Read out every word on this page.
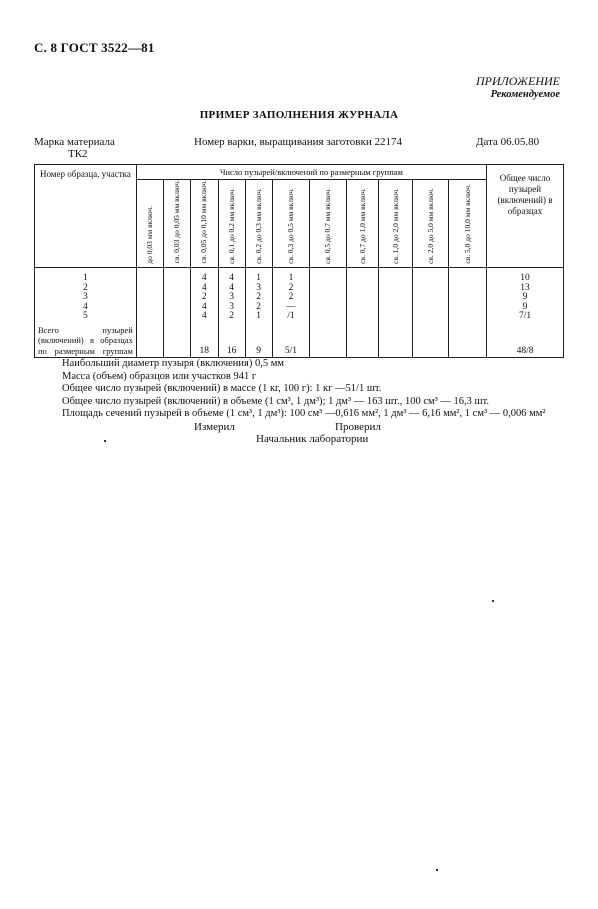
С. 8 ГОСТ 3522—81
ПРИЛОЖЕНИЕ
Рекомендуемое
ПРИМЕР ЗАПОЛНЕНИЯ ЖУРНАЛА
Марка материала
ТК2
Номер варки, выращивания заготовки 22174	Дата 06.05.80
Номер образца, участка	Число пузырей/включений по размерным группам											Общее число пузырей (включений) в образцах

	до 0,03 мм включ.	св. 0,03 до 0,05 мм включ.	св. 0,05 до 0,10 мм включ.	св. 0,1 до 0,2 мм включ.	св. 0,2 до 0,3 мм включ.	св. 0,3 до 0,5 мм включ.	св. 0,5 до 0,7 мм включ.	св. 0,7 до 1,0 мм включ.	св. 1,0 до 2,0 мм включ.	св. 2,0 до 5,0 мм включ.	св. 5,0 до 10,0 мм включ.	

1			4	4	1	1						10
2			4	4	3	2						13
3			2	3	2	2						9
4			4	3	2	—						9
5			4	2	1	/1						7/1
Всего пузырей (включений) в образцах по размерным группам			18	16	9	5/1						48/8
Наибольший диаметр пузыря (включения) 0,5 мм
Масса (объем) образцов или участков 941 г
Общее число пузырей (включений) в массе (1 кг, 100 г): 1 кг —51/1 шт.
Общее число пузырей (включений) в объеме (1 см³, 1 дм³); 1 дм³ — 163 шт., 100 см³ — 16,3 шт.
Площадь сечений пузырей в объеме (1 см³, 1 дм³): 100 см³ —0,616 мм², 1 дм³ — 6,16 мм², 1 см³ — 0,006 мм²
Измерил	Проверил
Начальник лаборатории
